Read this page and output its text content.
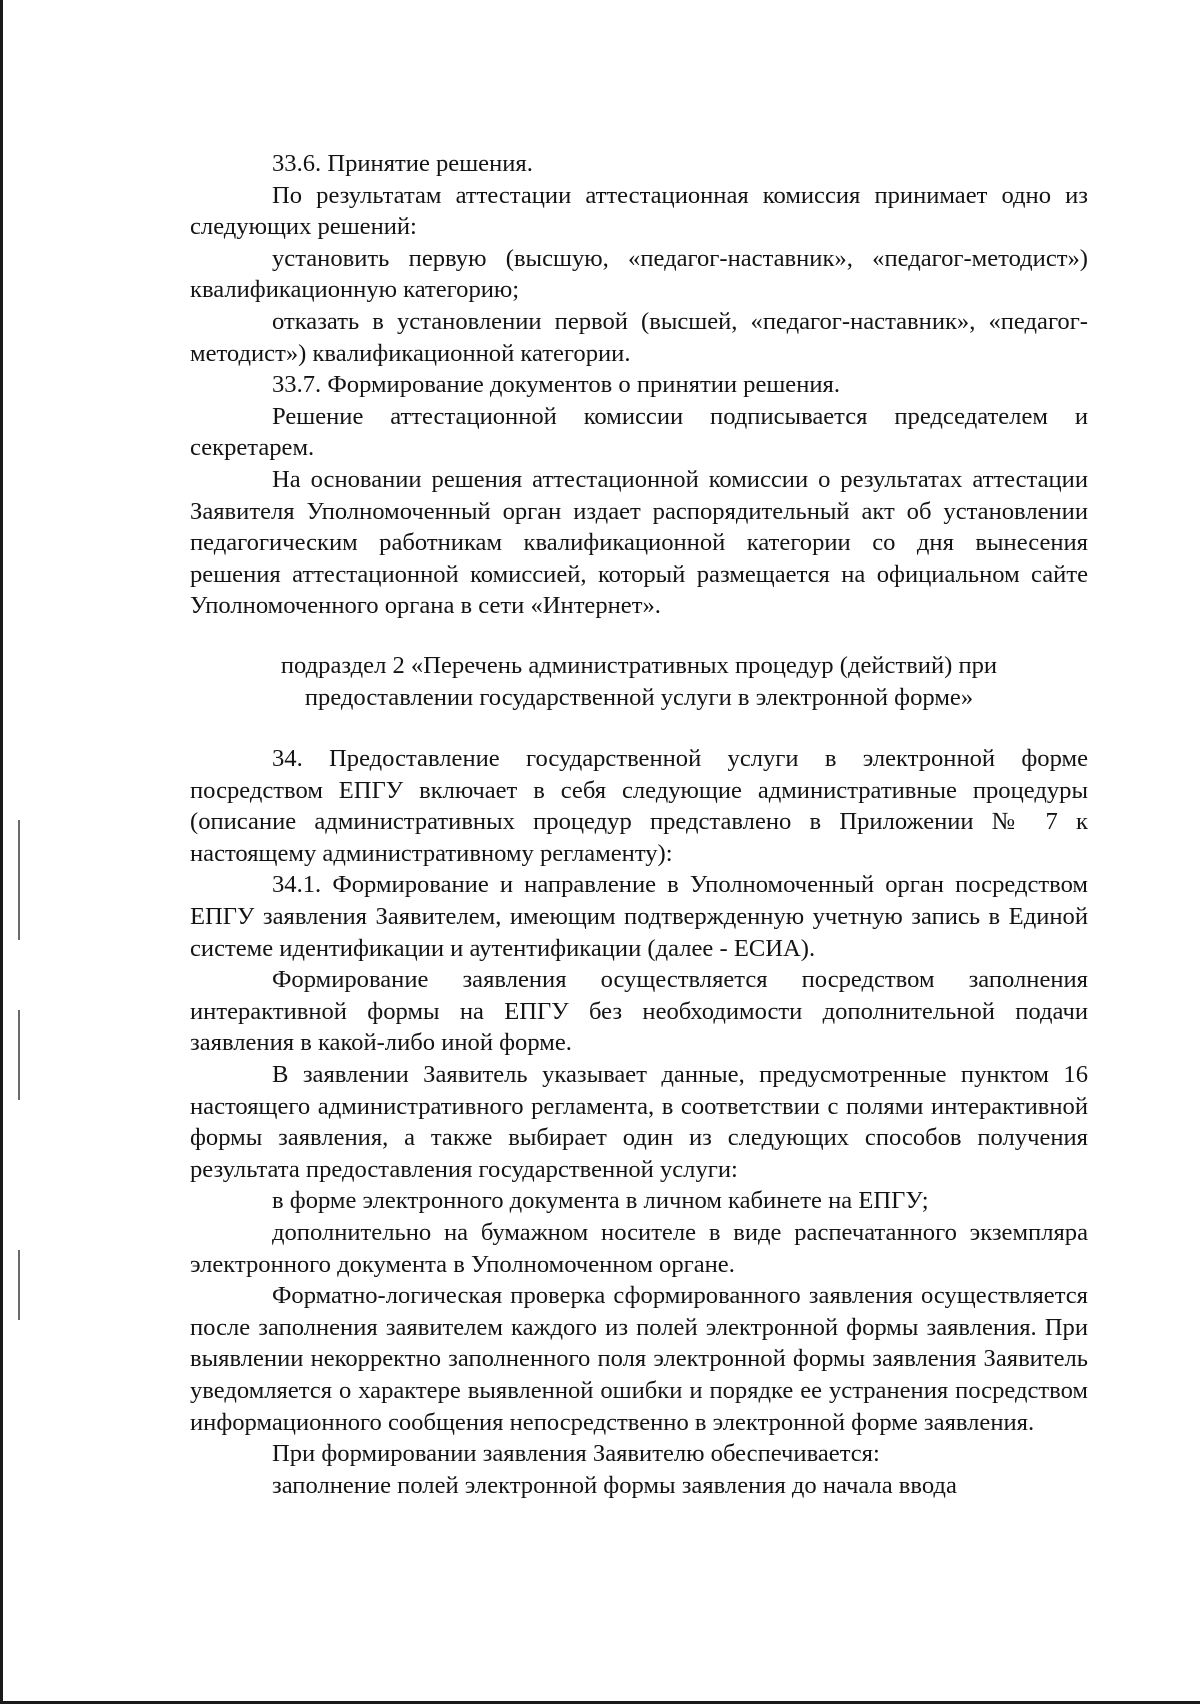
33.6. Принятие решения.

По результатам аттестации аттестационная комиссия принимает одно из следующих решений:

установить первую (высшую, «педагог-наставник», «педагог-методист») квалификационную категорию;

отказать в установлении первой (высшей, «педагог-наставник», «педагог-методист») квалификационной категории.

33.7. Формирование документов о принятии решения.

Решение аттестационной комиссии подписывается председателем и секретарем.

На основании решения аттестационной комиссии о результатах аттестации Заявителя Уполномоченный орган издает распорядительный акт об установлении педагогическим работникам квалификационной категории со дня вынесения решения аттестационной комиссией, который размещается на официальном сайте Уполномоченного органа в сети «Интернет».

подраздел 2 «Перечень административных процедур (действий) при
предоставлении государственной услуги в электронной форме»

34. Предоставление государственной услуги в электронной форме посредством ЕПГУ включает в себя следующие административные процедуры (описание административных процедур представлено в Приложении № 7 к настоящему административному регламенту):

34.1. Формирование и направление в Уполномоченный орган посредством ЕПГУ заявления Заявителем, имеющим подтвержденную учетную запись в Единой системе идентификации и аутентификации (далее - ЕСИА).

Формирование заявления осуществляется посредством заполнения интерактивной формы на ЕПГУ без необходимости дополнительной подачи заявления в какой-либо иной форме.

В заявлении Заявитель указывает данные, предусмотренные пунктом 16 настоящего административного регламента, в соответствии с полями интерактивной формы заявления, а также выбирает один из следующих способов получения результата предоставления государственной услуги:

в форме электронного документа в личном кабинете на ЕПГУ;

дополнительно на бумажном носителе в виде распечатанного экземпляра электронного документа в Уполномоченном органе.

Форматно-логическая проверка сформированного заявления осуществляется после заполнения заявителем каждого из полей электронной формы заявления. При выявлении некорректно заполненного поля электронной формы заявления Заявитель уведомляется о характере выявленной ошибки и порядке ее устранения посредством информационного сообщения непосредственно в электронной форме заявления.

При формировании заявления Заявителю обеспечивается:

заполнение полей электронной формы заявления до начала ввода
